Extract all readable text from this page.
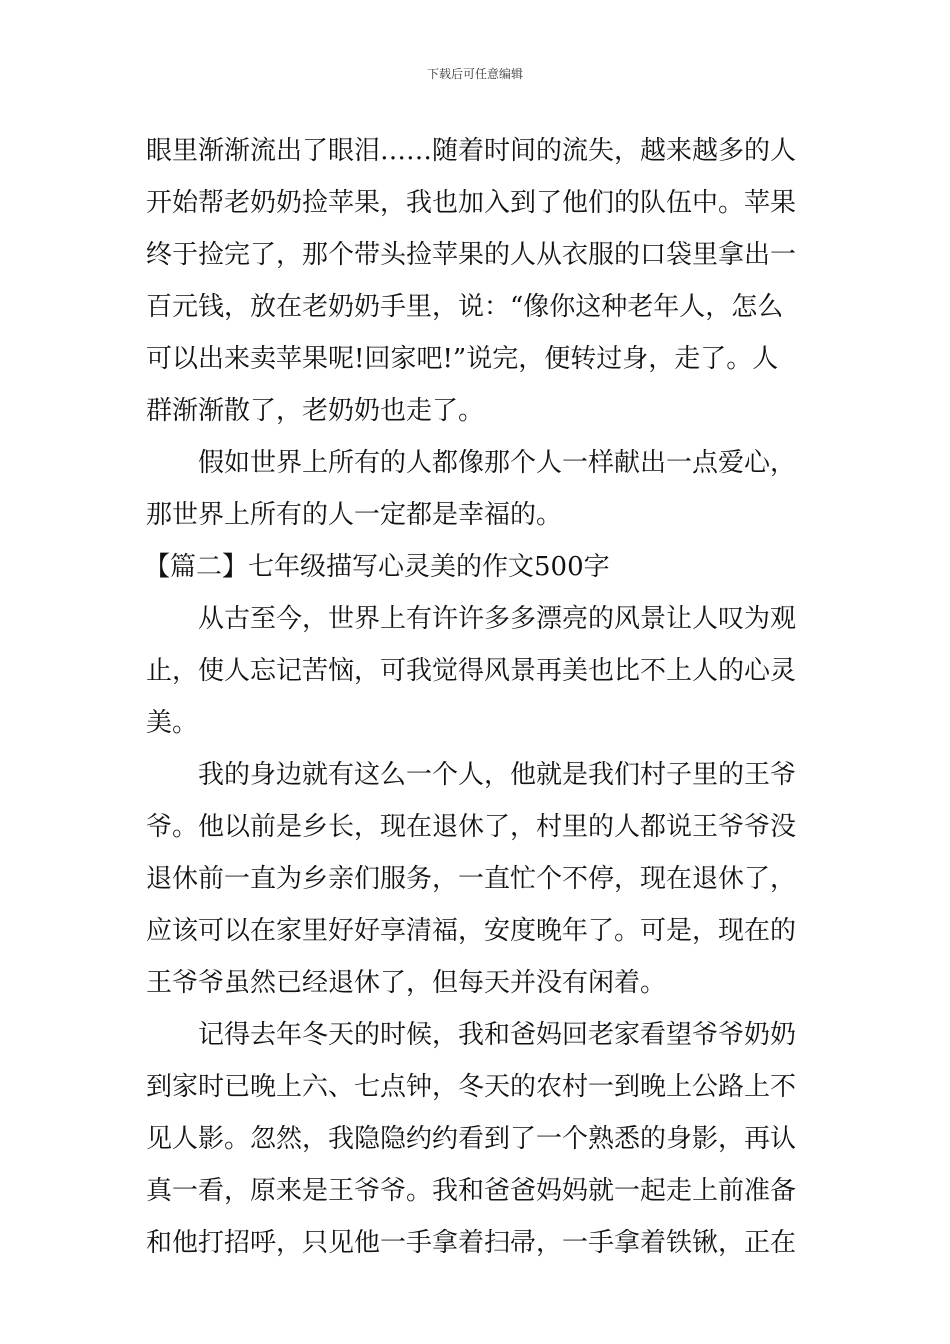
下载后可任意编辑
眼里渐渐流出了眼泪……随着时间的流失，越来越多的人
开始帮老奶奶捡苹果，我也加入到了他们的队伍中。苹果
终于捡完了，那个带头捡苹果的人从衣服的口袋里拿出一
百元钱，放在老奶奶手里，说：“像你这种老年人，怎么
可以出来卖苹果呢!回家吧!”说完，便转过身，走了。人
群渐渐散了，老奶奶也走了。
假如世界上所有的人都像那个人一样献出一点爱心，
那世界上所有的人一定都是幸福的。
【篇二】七年级描写心灵美的作文500字
从古至今，世界上有许许多多漂亮的风景让人叹为观
止，使人忘记苦恼，可我觉得风景再美也比不上人的心灵
美。
我的身边就有这么一个人，他就是我们村子里的王爷
爷。他以前是乡长，现在退休了，村里的人都说王爷爷没
退休前一直为乡亲们服务，一直忙个不停，现在退休了，
应该可以在家里好好享清福，安度晚年了。可是，现在的
王爷爷虽然已经退休了，但每天并没有闲着。
记得去年冬天的时候，我和爸妈回老家看望爷爷奶奶
到家时已晚上六、七点钟，冬天的农村一到晚上公路上不
见人影。忽然，我隐隐约约看到了一个熟悉的身影，再认
真一看，原来是王爷爷。我和爸爸妈妈就一起走上前准备
和他打招呼，只见他一手拿着扫帚，一手拿着铁锹，正在
